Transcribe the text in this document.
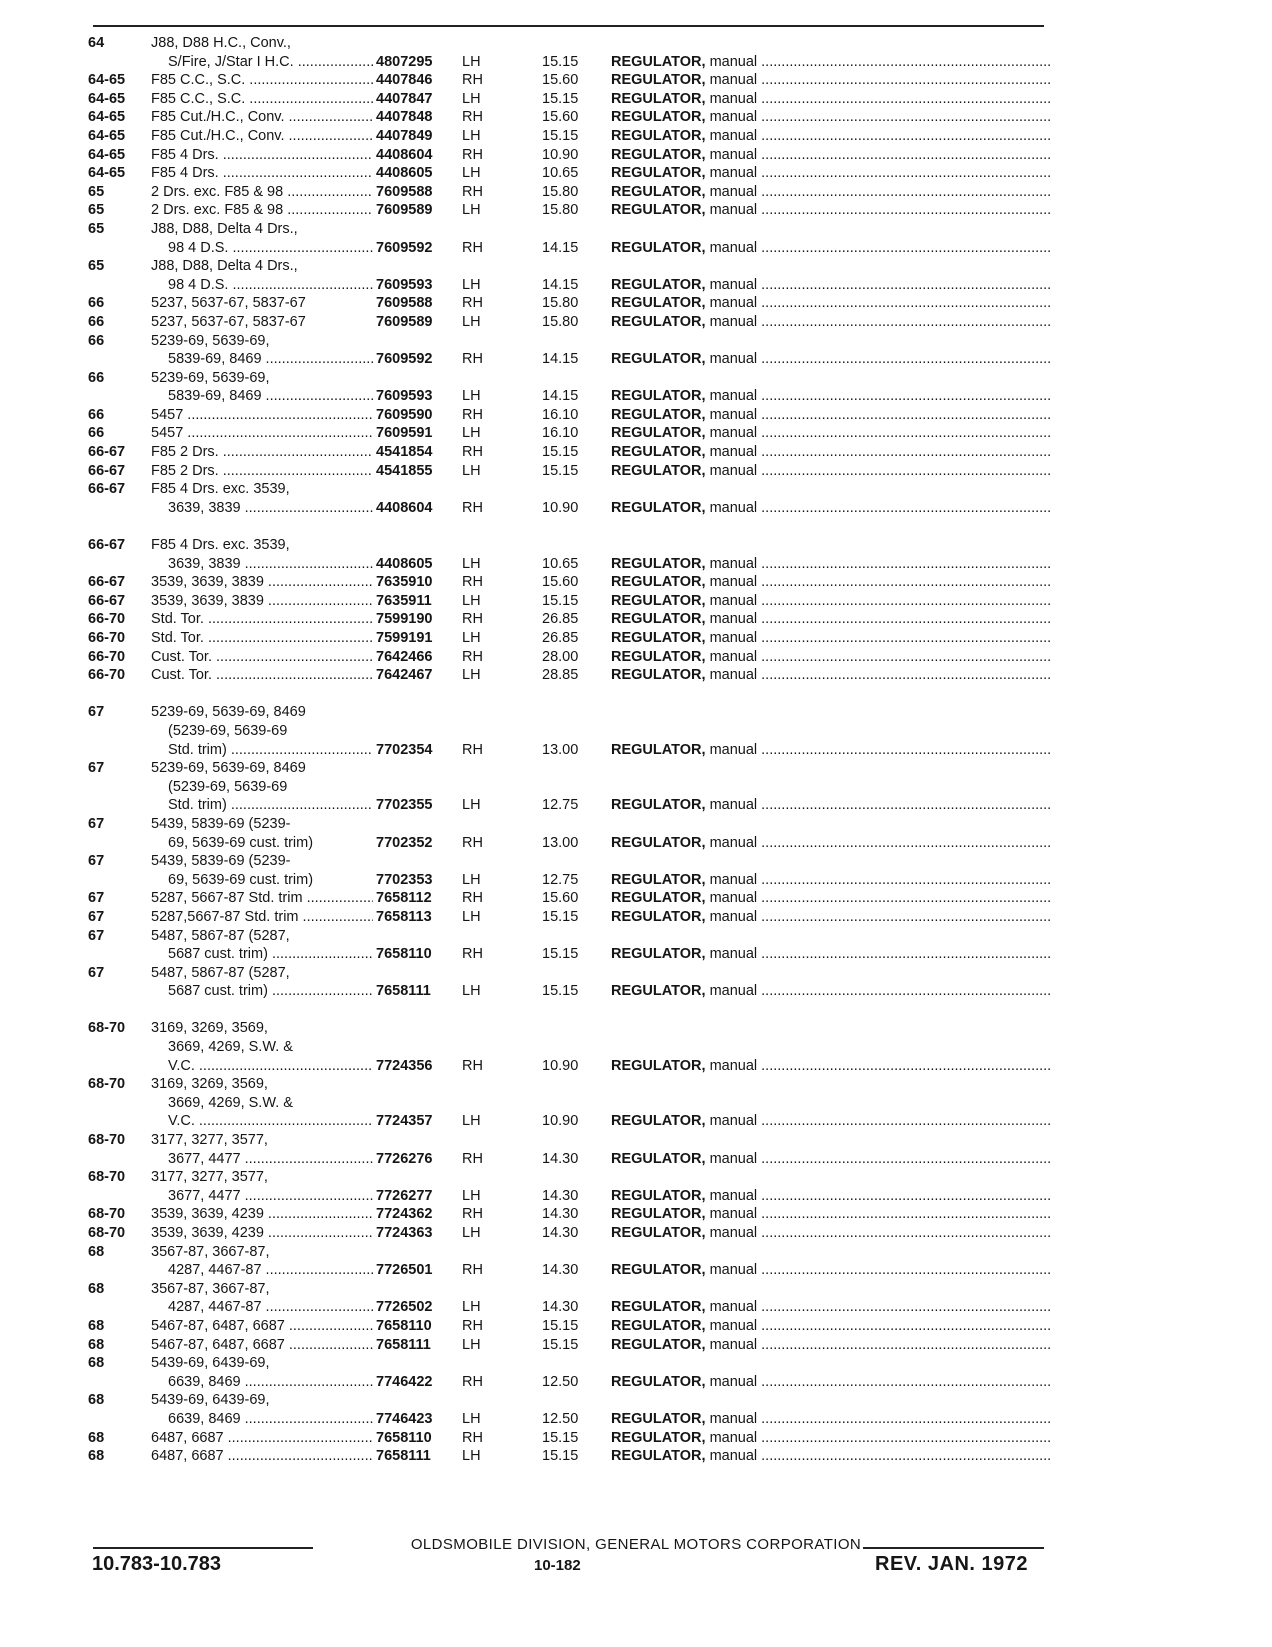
64	J88, D88 H.C., Conv.,
S/Fire, J/Star I H.C. .....	4807295	LH	15.15	REGULATOR, manual .....
64-65	F85 C.C., S.C. .....	4407846	RH	15.60	REGULATOR, manual .....
64-65	F85 C.C., S.C. .....	4407847	LH	15.15	REGULATOR, manual .....
64-65	F85 Cut./H.C., Conv. .....	4407848	RH	15.60	REGULATOR, manual .....
64-65	F85 Cut./H.C., Conv. .....	4407849	LH	15.15	REGULATOR, manual .....
64-65	F85 4 Drs. .....	4408604	RH	10.90	REGULATOR, manual .....
64-65	F85 4 Drs. .....	4408605	LH	10.65	REGULATOR, manual .....
65	2 Drs. exc. F85 & 98 .....	7609588	RH	15.80	REGULATOR, manual .....
65	2 Drs. exc. F85 & 98 .....	7609589	LH	15.80	REGULATOR, manual .....
65	J88, D88, Delta 4 Drs.,
98 4 D.S. .....	7609592	RH	14.15	REGULATOR, manual .....
65	J88, D88, Delta 4 Drs.,
98 4 D.S. .....	7609593	LH	14.15	REGULATOR, manual .....
66	5237, 5637-67, 5837-67	7609588	RH	15.80	REGULATOR, manual .....
66	5237, 5637-67, 5837-67	7609589	LH	15.80	REGULATOR, manual .....
66	5239-69, 5639-69,
5839-69, 8469 .....	7609592	RH	14.15	REGULATOR, manual .....
66	5239-69, 5639-69,
5839-69, 8469 .....	7609593	LH	14.15	REGULATOR, manual .....
66	5457 .....	7609590	RH	16.10	REGULATOR, manual .....
66	5457 .....	7609591	LH	16.10	REGULATOR, manual .....
66-67	F85 2 Drs. .....	4541854	RH	15.15	REGULATOR, manual .....
66-67	F85 2 Drs. .....	4541855	LH	15.15	REGULATOR, manual .....
66-67	F85 4 Drs. exc. 3539,
3639, 3839 .....	4408604	RH	10.90	REGULATOR, manual .....
66-67	F85 4 Drs. exc. 3539,
3639, 3839 .....	4408605	LH	10.65	REGULATOR, manual .....
66-67	3539, 3639, 3839 .....	7635910	RH	15.60	REGULATOR, manual .....
66-67	3539, 3639, 3839 .....	7635911	LH	15.15	REGULATOR, manual .....
66-70	Std. Tor. .....	7599190	RH	26.85	REGULATOR, manual .....
66-70	Std. Tor. .....	7599191	LH	26.85	REGULATOR, manual .....
66-70	Cust. Tor. .....	7642466	RH	28.00	REGULATOR, manual .....
66-70	Cust. Tor. .....	7642467	LH	28.85	REGULATOR, manual .....
67	5239-69, 5639-69, 8469
(5239-69, 5639-69
Std. trim) .....	7702354	RH	13.00	REGULATOR, manual .....
67	5239-69, 5639-69, 8469
(5239-69, 5639-69
Std. trim) .....	7702355	LH	12.75	REGULATOR, manual .....
67	5439, 5839-69 (5239-
69, 5639-69 cust. trim)	7702352	RH	13.00	REGULATOR, manual .....
67	5439, 5839-69 (5239-
69, 5639-69 cust. trim)	7702353	LH	12.75	REGULATOR, manual .....
67	5287, 5667-87 Std. trim .....	7658112	RH	15.60	REGULATOR, manual .....
67	5287,5667-87 Std. trim .....	7658113	LH	15.15	REGULATOR, manual .....
67	5487, 5867-87 (5287,
5687 cust. trim) .....	7658110	RH	15.15	REGULATOR, manual .....
67	5487, 5867-87 (5287,
5687 cust. trim) .....	7658111	LH	15.15	REGULATOR, manual .....
68-70	3169, 3269, 3569,
3669, 4269, S.W. &
V.C. .....	7724356	RH	10.90	REGULATOR, manual .....
68-70	3169, 3269, 3569,
3669, 4269, S.W. &
V.C. .....	7724357	LH	10.90	REGULATOR, manual .....
68-70	3177, 3277, 3577,
3677, 4477 .....	7726276	RH	14.30	REGULATOR, manual .....
68-70	3177, 3277, 3577,
3677, 4477 .....	7726277	LH	14.30	REGULATOR, manual .....
68-70	3539, 3639, 4239 .....	7724362	RH	14.30	REGULATOR, manual .....
68-70	3539, 3639, 4239 .....	7724363	LH	14.30	REGULATOR, manual .....
68	3567-87, 3667-87,
4287, 4467-87 .....	7726501	RH	14.30	REGULATOR, manual .....
68	3567-87, 3667-87,
4287, 4467-87 .....	7726502	LH	14.30	REGULATOR, manual .....
68	5467-87, 6487, 6687 .....	7658110	RH	15.15	REGULATOR, manual .....
68	5467-87, 6487, 6687 .....	7658111	LH	15.15	REGULATOR, manual .....
68	5439-69, 6439-69,
6639, 8469 .....	7746422	RH	12.50	REGULATOR, manual .....
68	5439-69, 6439-69,
6639, 8469 .....	7746423	LH	12.50	REGULATOR, manual .....
68	6487, 6687 .....	7658110	RH	15.15	REGULATOR, manual .....
68	6487, 6687 .....	7658111	LH	15.15	REGULATOR, manual .....
OLDSMOBILE DIVISION, GENERAL MOTORS CORPORATION
10.783-10.783	10-182	REV. JAN. 1972
